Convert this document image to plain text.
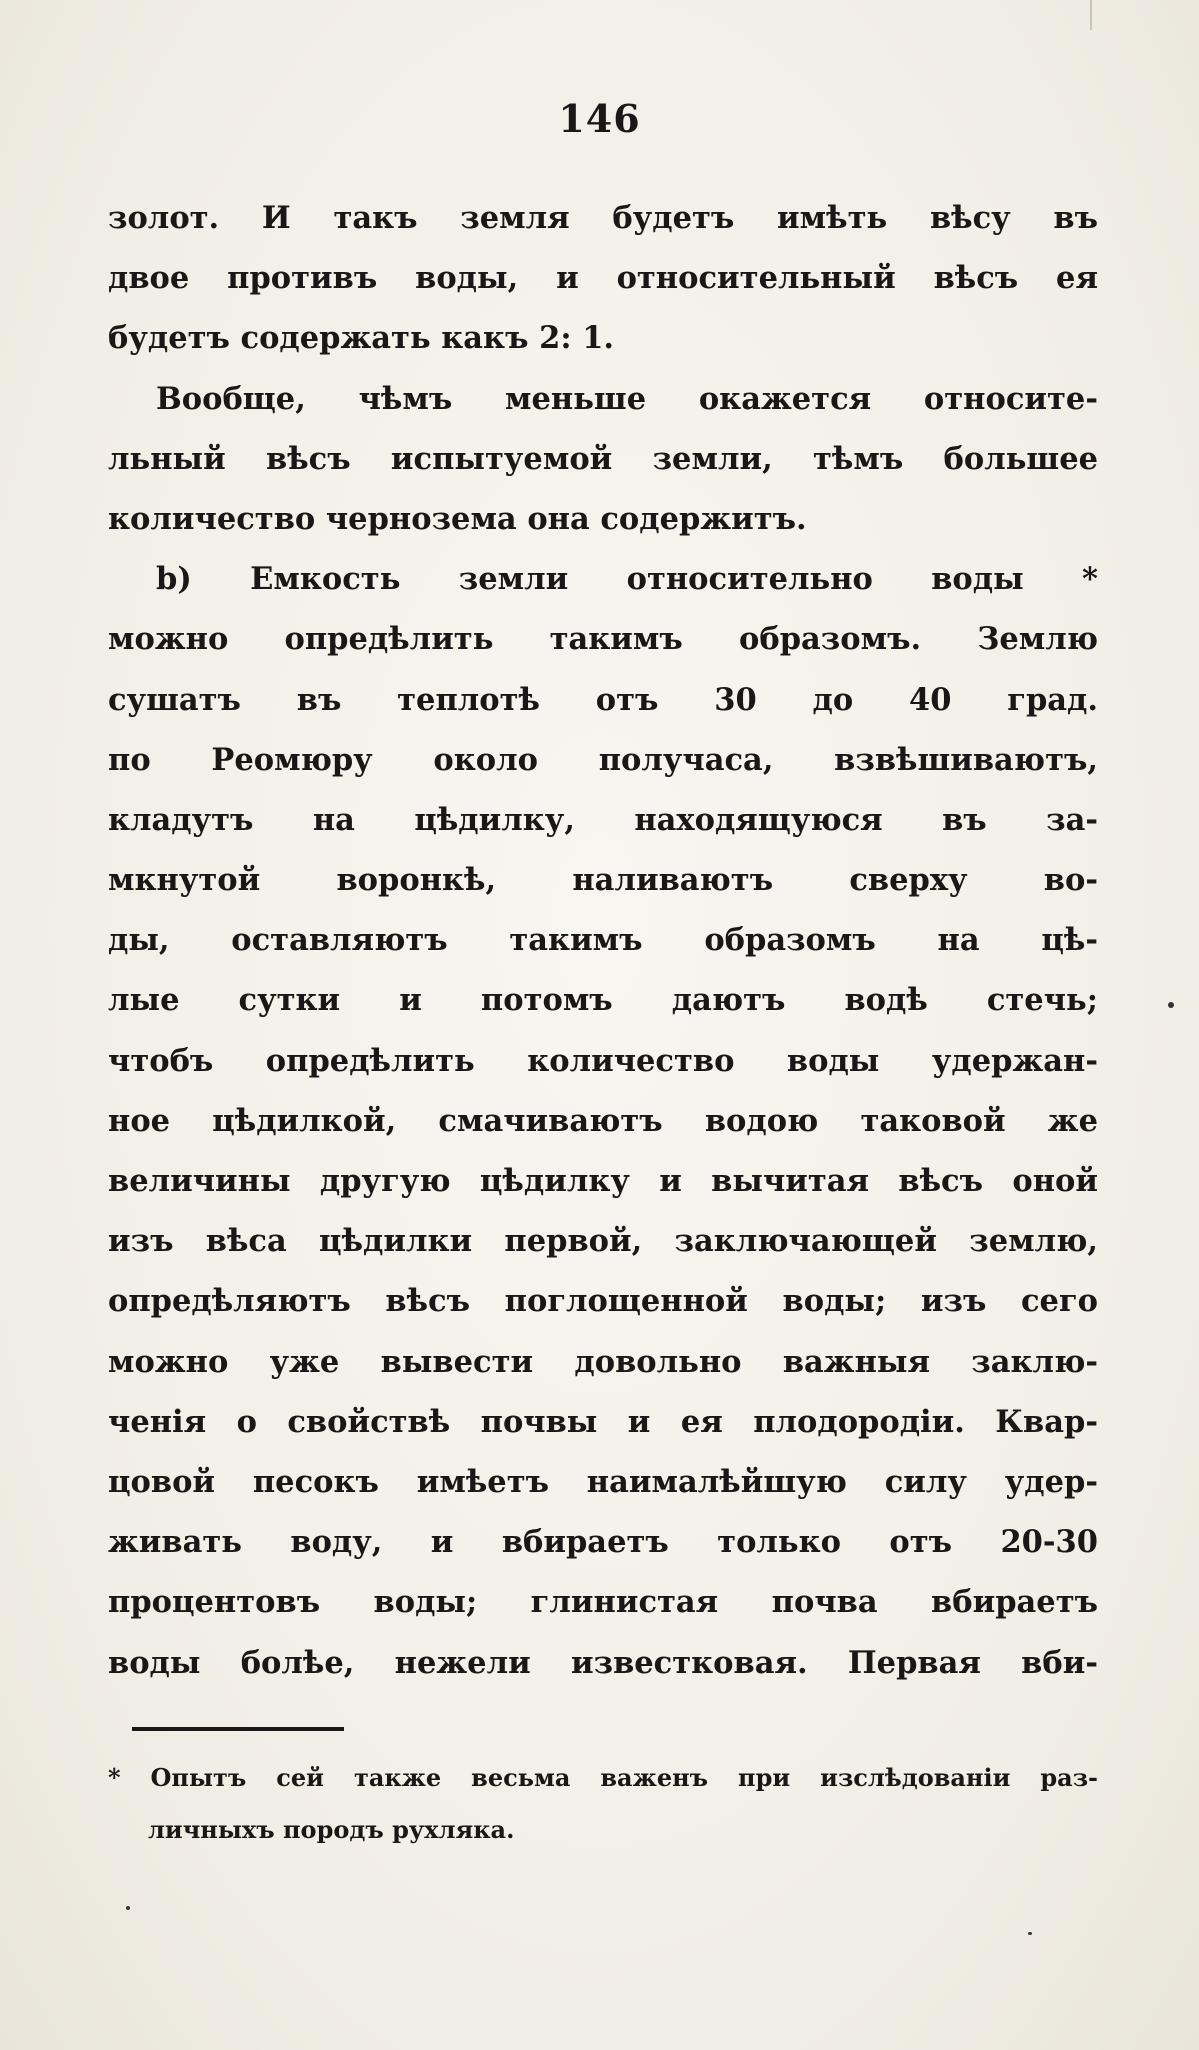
146
золот. И такъ земля будетъ имѣть вѣсу въ
двое противъ воды, и относительный вѣсъ ея
будетъ содержать какъ 2: 1.
Вообще, чѣмъ меньше окажется относите-
льный вѣсъ испытуемой земли, тѣмъ большее
количество чернозема она содержитъ.
b) Емкость земли относительно воды *
можно опредѣлить такимъ образомъ. Землю
сушатъ въ теплотѣ отъ 30 до 40 град.
по Реомюру около получаса, взвѣшиваютъ,
кладутъ на цѣдилку, находящуюся въ за-
мкнутой воронкѣ, наливаютъ сверху во-
ды, оставляютъ такимъ образомъ на цѣ-
лые сутки и потомъ даютъ водѣ стечь;
чтобъ опредѣлить количество воды удержан-
ное цѣдилкой, смачиваютъ водою таковой же
величины другую цѣдилку и вычитая вѣсъ оной
изъ вѣса цѣдилки первой, заключающей землю,
опредѣляютъ вѣсъ поглощенной воды; изъ сего
можно уже вывести довольно важныя заклю-
ченія о свойствѣ почвы и ея плодородіи. Квар-
цовой песокъ имѣетъ наималѣйшую силу удер-
живать воду, и вбираетъ только отъ 20-30
процентовъ воды; глинистая почва вбираетъ
воды болѣе, нежели известковая. Первая вби-
* Опытъ сей также весьма важенъ при изслѣдованіи раз-
личныхъ породъ рухляка.
